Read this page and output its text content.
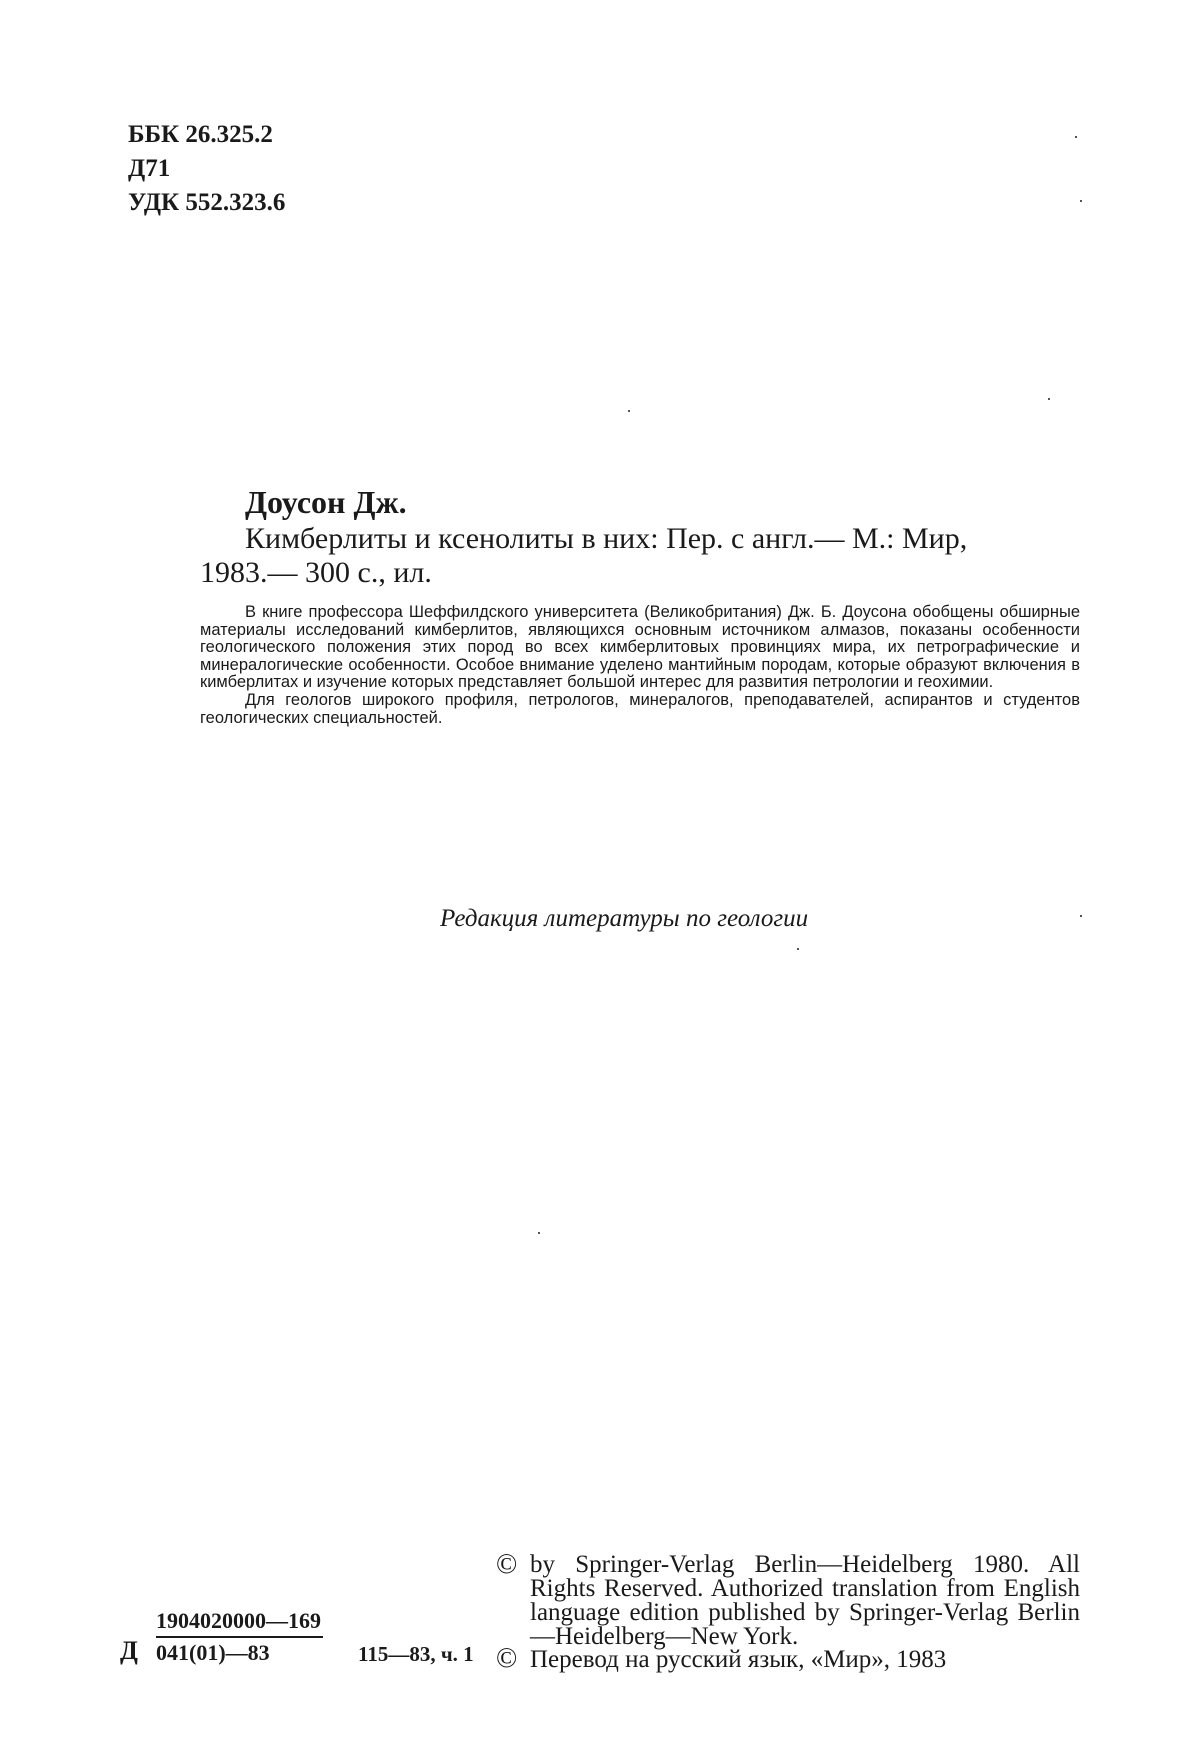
ББК 26.325.2
Д71
УДК 552.323.6

Доусон Дж.

Кимберлиты и ксенолиты в них: Пер. с англ.— М.: Мир,

1983.— 300 с., ил.

В книге профессора Шеффилдского университета (Великобритания) Дж. Б. Доусона обобщены обширные материалы исследований кимберлитов, являющихся основным источником алмазов, показаны особенности геологического положения этих пород во всех кимберлитовых провинциях мира, их петрографические и минералогические особенности. Особое внимание уделено мантийным породам, которые образуют включения в кимберлитах и изучение которых представляет большой интерес для развития петрологии и геохимии.

Для геологов широкого профиля, петрологов, минералогов, преподавателей, аспирантов и студентов геологических специальностей.

Редакция литературы по геологии
© by Springer-Verlag Berlin—Heidelberg 1980. All Rights Reserved. Authorized translation from English language edition published by Springer-Verlag Berlin—Heidelberg—New York.

Д $\frac{1904020000—169}{041(01)—83}$ 115—83, ч. 1 © Перевод на русский язык, «Мир», 1983
